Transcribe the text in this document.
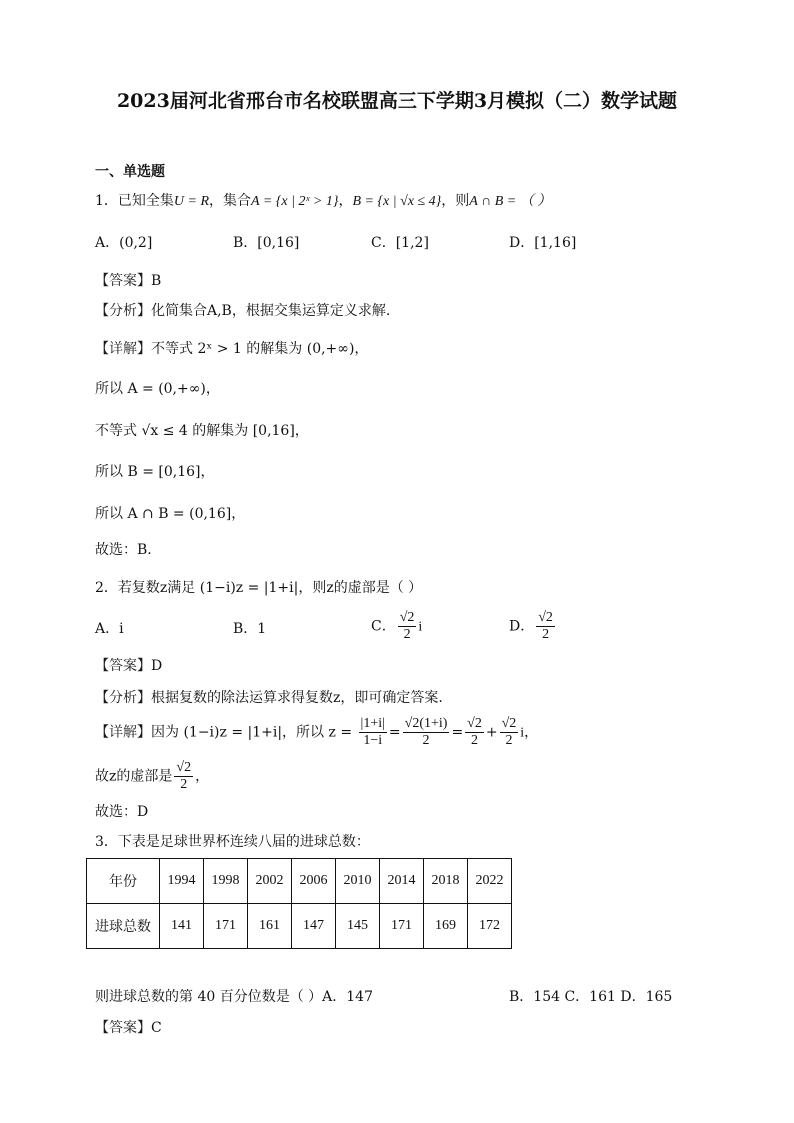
2023届河北省邢台市名校联盟高三下学期3月模拟（二）数学试题
一、单选题
1．已知全集U = R，集合A = {x | 2ˣ > 1}，B = {x | √x ≤ 4}，则A ∩ B = （ ）
A．(0,2]	B．[0,16]	C．[1,2]	D．[1,16]
【答案】B
【分析】化简集合A,B，根据交集运算定义求解.
【详解】不等式 2ˣ > 1 的解集为 (0,+∞)，
所以 A = (0,+∞)，
不等式 √x ≤ 4 的解集为 [0,16]，
所以 B = [0,16]，
所以 A ∩ B = (0,16]，
故选：B.
2．若复数z满足 (1−i)z = |1+i|，则z的虚部是（ ）
A．i	B．1	C． $\frac{√2}{2}$ i	D． $\frac{√2}{2}$
【答案】D
【分析】根据复数的除法运算求得复数z，即可确定答案.
【详解】因为 (1−i)z = |1+i|，所以 $z = \frac{|1+i|}{1-i} = \frac{√2(1+i)}{2} = \frac{√2}{2} + \frac{√2}{2}$ i，
故z的虚部是 $\frac{√2}{2}$ ，
故选：D
3．下表是足球世界杯连续八届的进球总数：
年份	1994	1998	2002	2006	2010	2014	2018	2022
进球总数	141	171	161	147	145	171	169	172
则进球总数的第 40 百分位数是（ ）A．147	B．154 C．161 D．165
【答案】C
